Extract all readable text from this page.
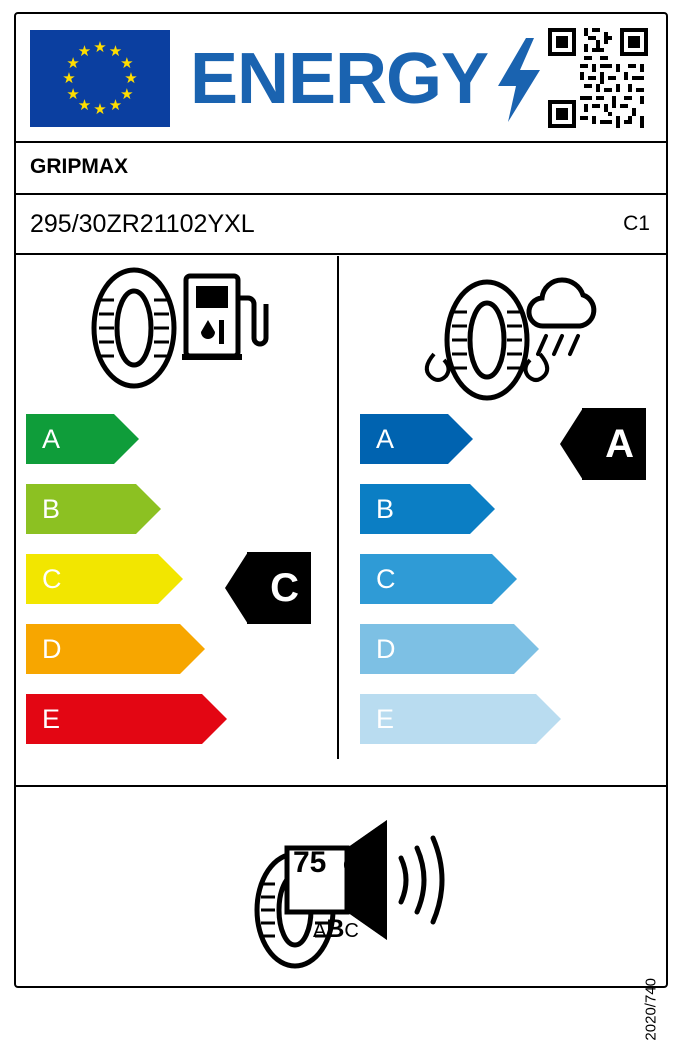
★ ★
★
★
★
★
★
★
★
★
★
★ ENERGY
GRIPMAX
295/30ZR21102YXL	C1
A
B
C
D
E
C
A
B
C
D
E
A
75 dB
ABC
2020/740
